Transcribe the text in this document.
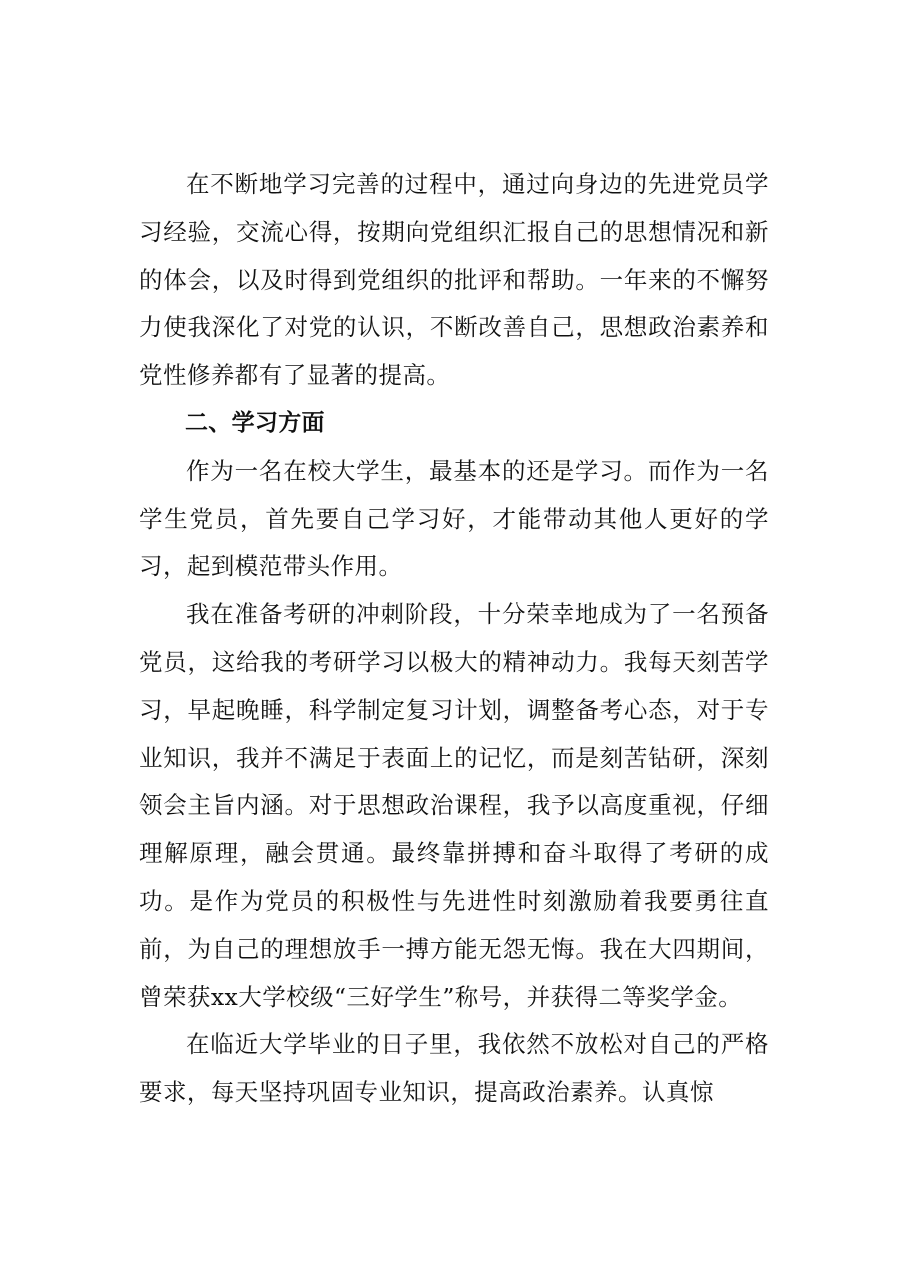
在不断地学习完善的过程中，通过向身边的先进党员学习经验，交流心得，按期向党组织汇报自己的思想情况和新的体会，以及时得到党组织的批评和帮助。一年来的不懈努力使我深化了对党的认识，不断改善自己，思想政治素养和党性修养都有了显著的提高。

二、学习方面

作为一名在校大学生，最基本的还是学习。而作为一名学生党员，首先要自己学习好，才能带动其他人更好的学习，起到模范带头作用。

我在准备考研的冲刺阶段，十分荣幸地成为了一名预备党员，这给我的考研学习以极大的精神动力。我每天刻苦学习，早起晚睡，科学制定复习计划，调整备考心态，对于专业知识，我并不满足于表面上的记忆，而是刻苦钻研，深刻领会主旨内涵。对于思想政治课程，我予以高度重视，仔细理解原理，融会贯通。最终靠拼搏和奋斗取得了考研的成功。是作为党员的积极性与先进性时刻激励着我要勇往直前，为自己的理想放手一搏方能无怨无悔。我在大四期间，曾荣获xx大学校级“三好学生”称号，并获得二等奖学金。

在临近大学毕业的日子里，我依然不放松对自己的严格要求，每天坚持巩固专业知识，提高政治素养。认真惊
